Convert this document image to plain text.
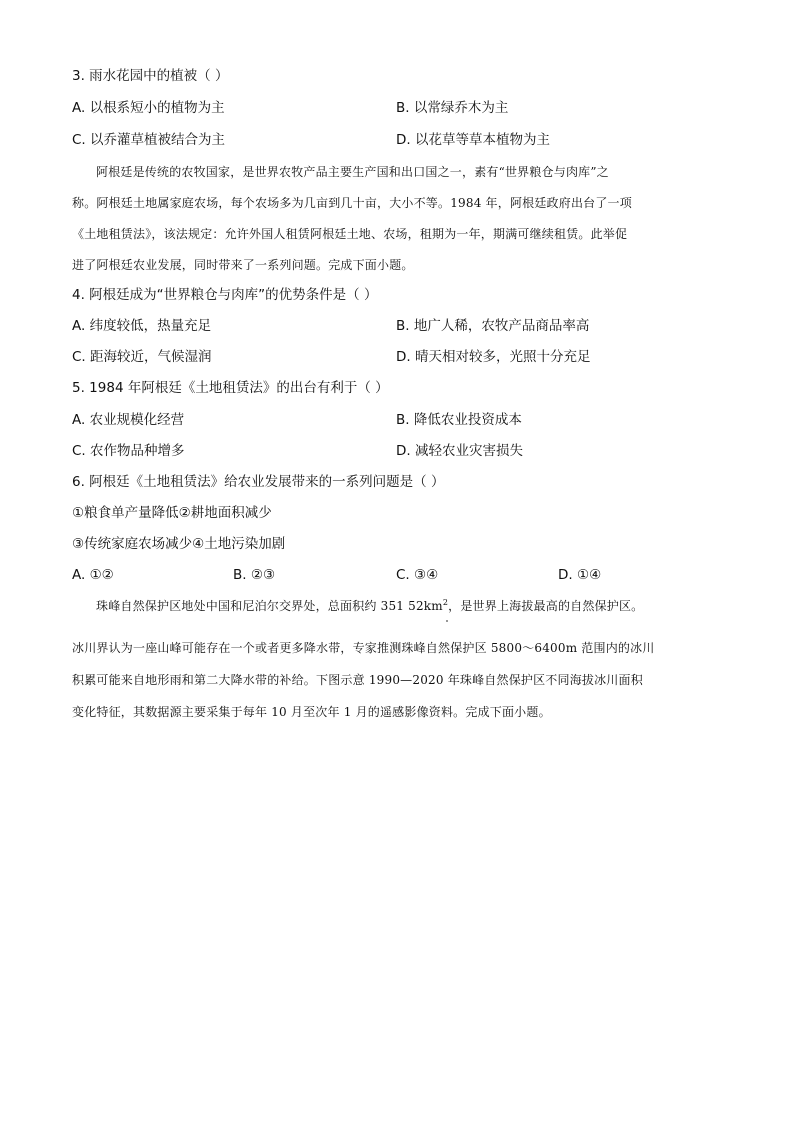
3. 雨水花园中的植被（ ）
A. 以根系短小的植物为主	B. 以常绿乔木为主
C. 以乔灌草植被结合为主	D. 以花草等草本植物为主
阿根廷是传统的农牧国家，是世界农牧产品主要生产国和出口国之一，素有“世界粮仓与肉库”之
称。阿根廷土地属家庭农场，每个农场多为几亩到几十亩，大小不等。1984 年，阿根廷政府出台了一项
《土地租赁法》，该法规定：允许外国人租赁阿根廷土地、农场，租期为一年，期满可继续租赁。此举促
进了阿根廷农业发展，同时带来了一系列问题。完成下面小题。
4. 阿根廷成为“世界粮仓与肉库”的优势条件是（ ）
A. 纬度较低，热量充足	B. 地广人稀，农牧产品商品率高
C. 距海较近，气候湿润	D. 晴天相对较多，光照十分充足
5. 1984 年阿根廷《土地租赁法》的出台有利于（ ）
A. 农业规模化经营	B. 降低农业投资成本
C. 农作物品种增多	D. 减轻农业灾害损失
6. 阿根廷《土地租赁法》给农业发展带来的一系列问题是（ ）
①粮食单产量降低②耕地面积减少
③传统家庭农场减少④土地污染加剧
A. ①②	B. ②③	C. ③④	D. ①④
珠峰自然保护区地处中国和尼泊尔交界处，总面积约 351 $52km^2$，是世界上海拔最高的自然保护区。
冰川界认为一座山峰可能存在一个或者更多降水带，专家推测珠峰自然保护区 5800～6400m 范围内的冰川
积累可能来自地形雨和第二大降水带的补给。下图示意 1990—2020 年珠峰自然保护区不同海拔冰川面积
变化特征，其数据源主要采集于每年 10 月至次年 1 月的遥感影像资料。完成下面小题。
